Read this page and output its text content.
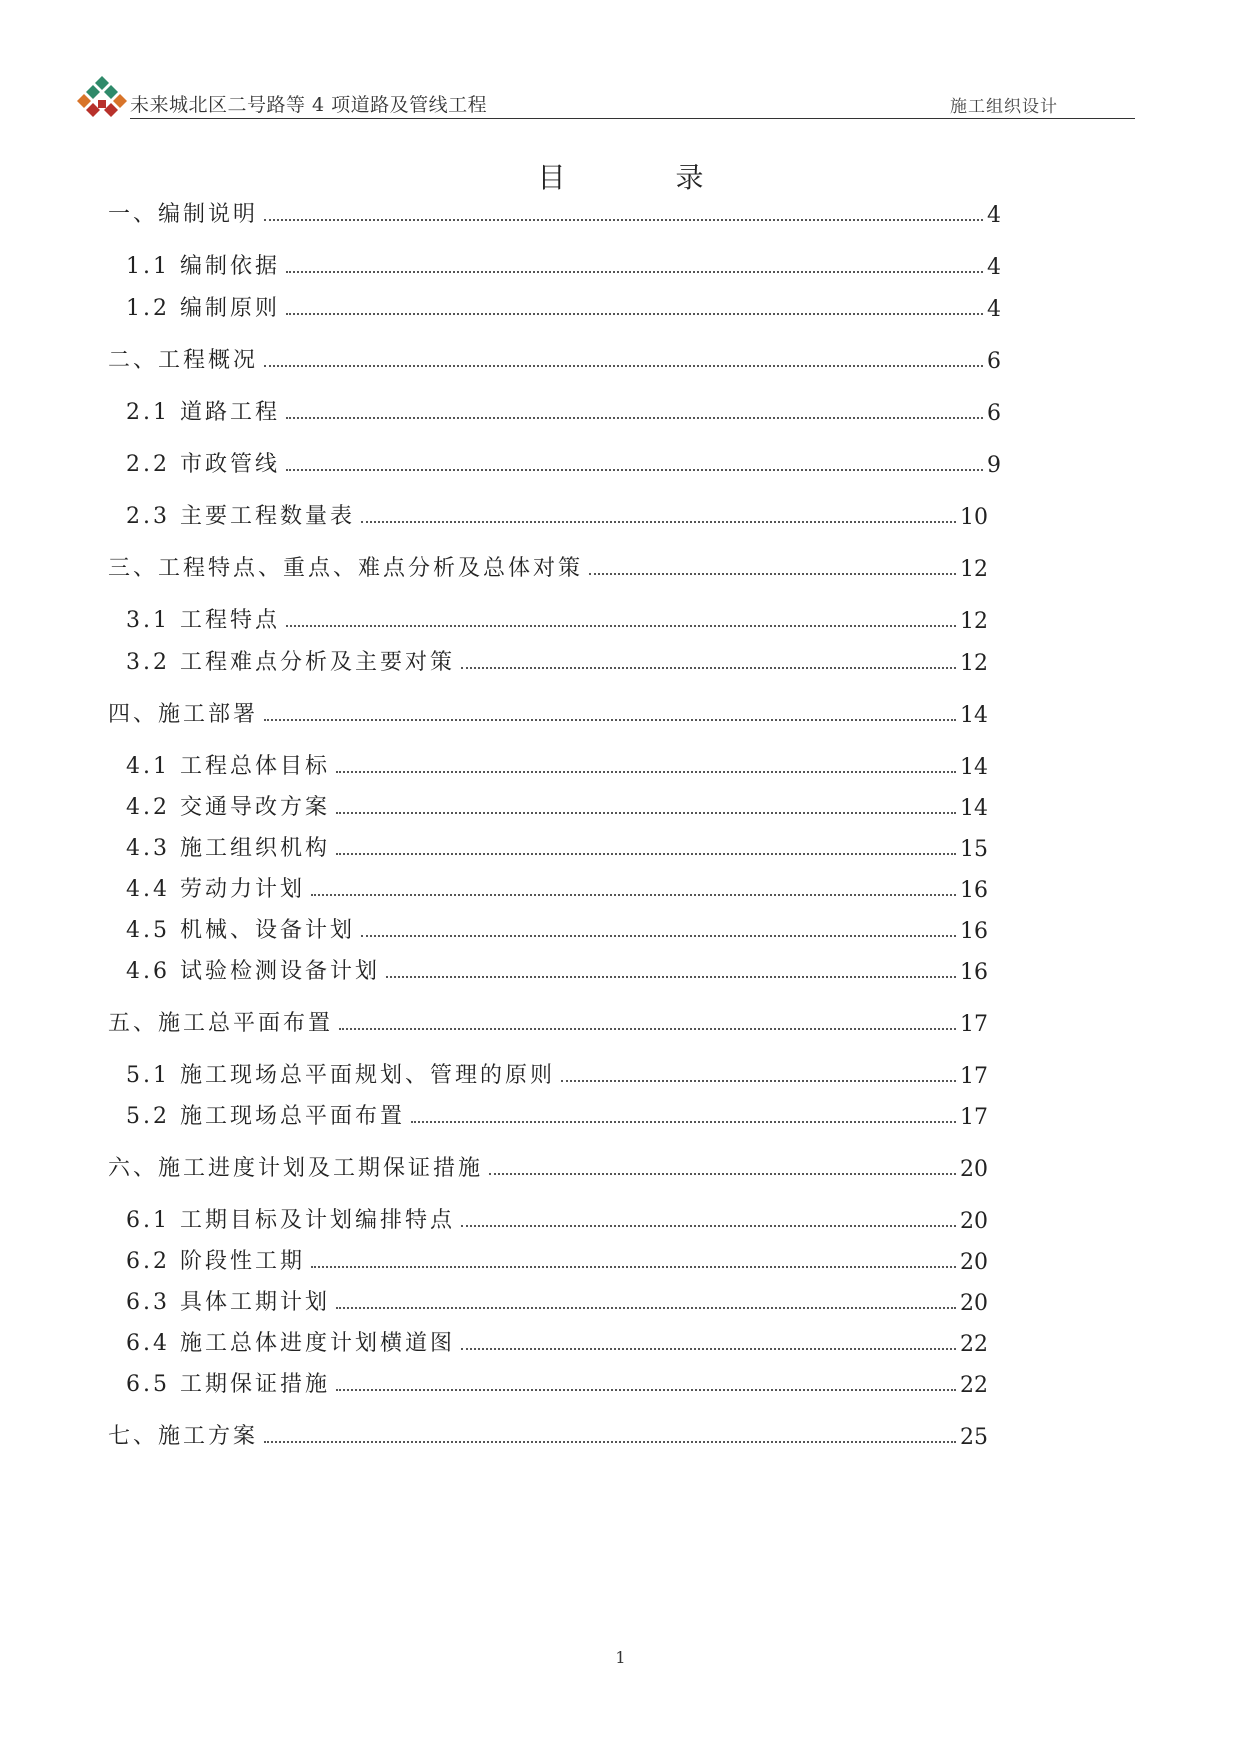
未来城北区二号路等 4 项道路及管线工程	施工组织设计
目	录
一、编制说明	4
1.1 编制依据	4
1.2 编制原则	4
二、工程概况	6
2.1 道路工程	6
2.2 市政管线	9
2.3 主要工程数量表	10
三、工程特点、重点、难点分析及总体对策	12
3.1 工程特点	12
3.2 工程难点分析及主要对策	12
四、施工部署	14
4.1 工程总体目标	14
4.2 交通导改方案	14
4.3 施工组织机构	15
4.4 劳动力计划	16
4.5 机械、设备计划	16
4.6 试验检测设备计划	16
五、施工总平面布置	17
5.1 施工现场总平面规划、管理的原则	17
5.2 施工现场总平面布置	17
六、施工进度计划及工期保证措施	20
6.1 工期目标及计划编排特点	20
6.2 阶段性工期	20
6.3 具体工期计划	20
6.4 施工总体进度计划横道图	22
6.5 工期保证措施	22
七、施工方案	25
1
